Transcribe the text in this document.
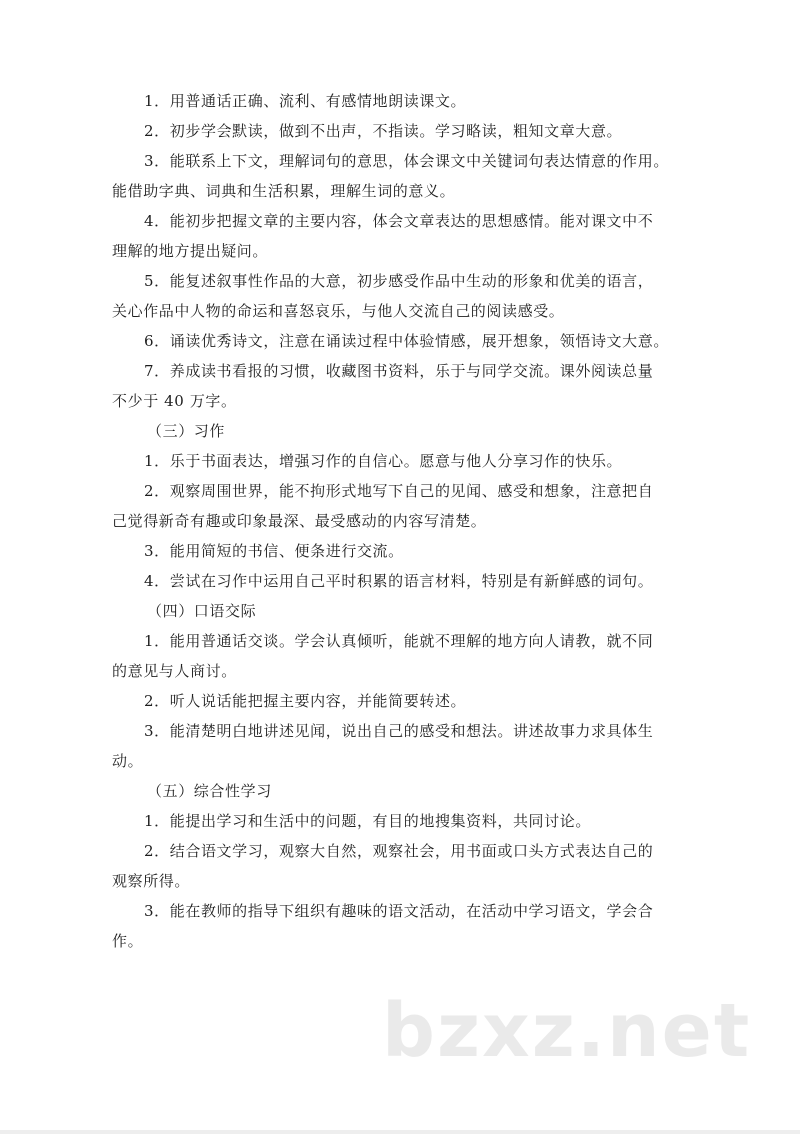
1．用普通话正确、流利、有感情地朗读课文。
2．初步学会默读，做到不出声，不指读。学习略读，粗知文章大意。
3．能联系上下文，理解词句的意思，体会课文中关键词句表达情意的作用。
能借助字典、词典和生活积累，理解生词的意义。
4．能初步把握文章的主要内容，体会文章表达的思想感情。能对课文中不
理解的地方提出疑问。
5．能复述叙事性作品的大意，初步感受作品中生动的形象和优美的语言，
关心作品中人物的命运和喜怒哀乐，与他人交流自己的阅读感受。
6．诵读优秀诗文，注意在诵读过程中体验情感，展开想象，领悟诗文大意。
7．养成读书看报的习惯，收藏图书资料，乐于与同学交流。课外阅读总量
不少于 40 万字。
（三）习作
1．乐于书面表达，增强习作的自信心。愿意与他人分享习作的快乐。
2．观察周围世界，能不拘形式地写下自己的见闻、感受和想象，注意把自
己觉得新奇有趣或印象最深、最受感动的内容写清楚。
3．能用简短的书信、便条进行交流。
4．尝试在习作中运用自己平时积累的语言材料，特别是有新鲜感的词句。
（四）口语交际
1．能用普通话交谈。学会认真倾听，能就不理解的地方向人请教，就不同
的意见与人商讨。
2．听人说话能把握主要内容，并能简要转述。
3．能清楚明白地讲述见闻，说出自己的感受和想法。讲述故事力求具体生
动。
（五）综合性学习
1．能提出学习和生活中的问题，有目的地搜集资料，共同讨论。
2．结合语文学习，观察大自然，观察社会，用书面或口头方式表达自己的
观察所得。
3．能在教师的指导下组织有趣味的语文活动，在活动中学习语文，学会合
作。
bzxz.net
